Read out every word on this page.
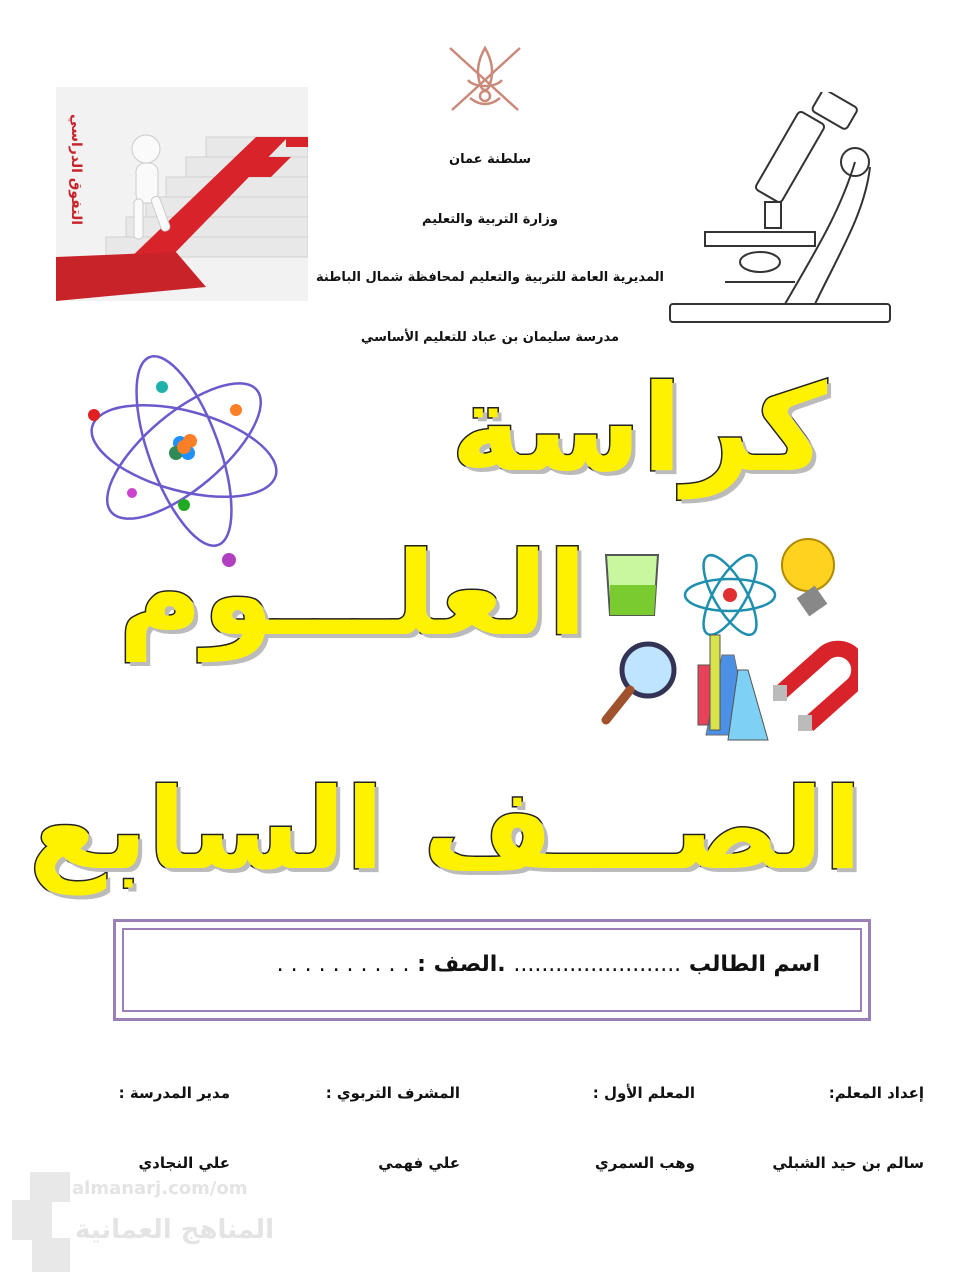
سلطنة عمان
وزارة التربية والتعليم
المديرية العامة للتربية والتعليم لمحافظة شمال الباطنة
مدرسة سليمان بن عباد للتعليم الأساسي
التفوق الدراسي
كراسة
العلـــوم
الصـــف السابع
اسم الطالب ........................ .الصف : . . . . . . . . . .
إعداد المعلم:
المعلم الأول :
المشرف التربوي :
مدير المدرسة :
سالم بن حيد الشبلي
وهب السمري
علي فهمي
علي النجادي
almanarj.com/om
المناهج العمانية
